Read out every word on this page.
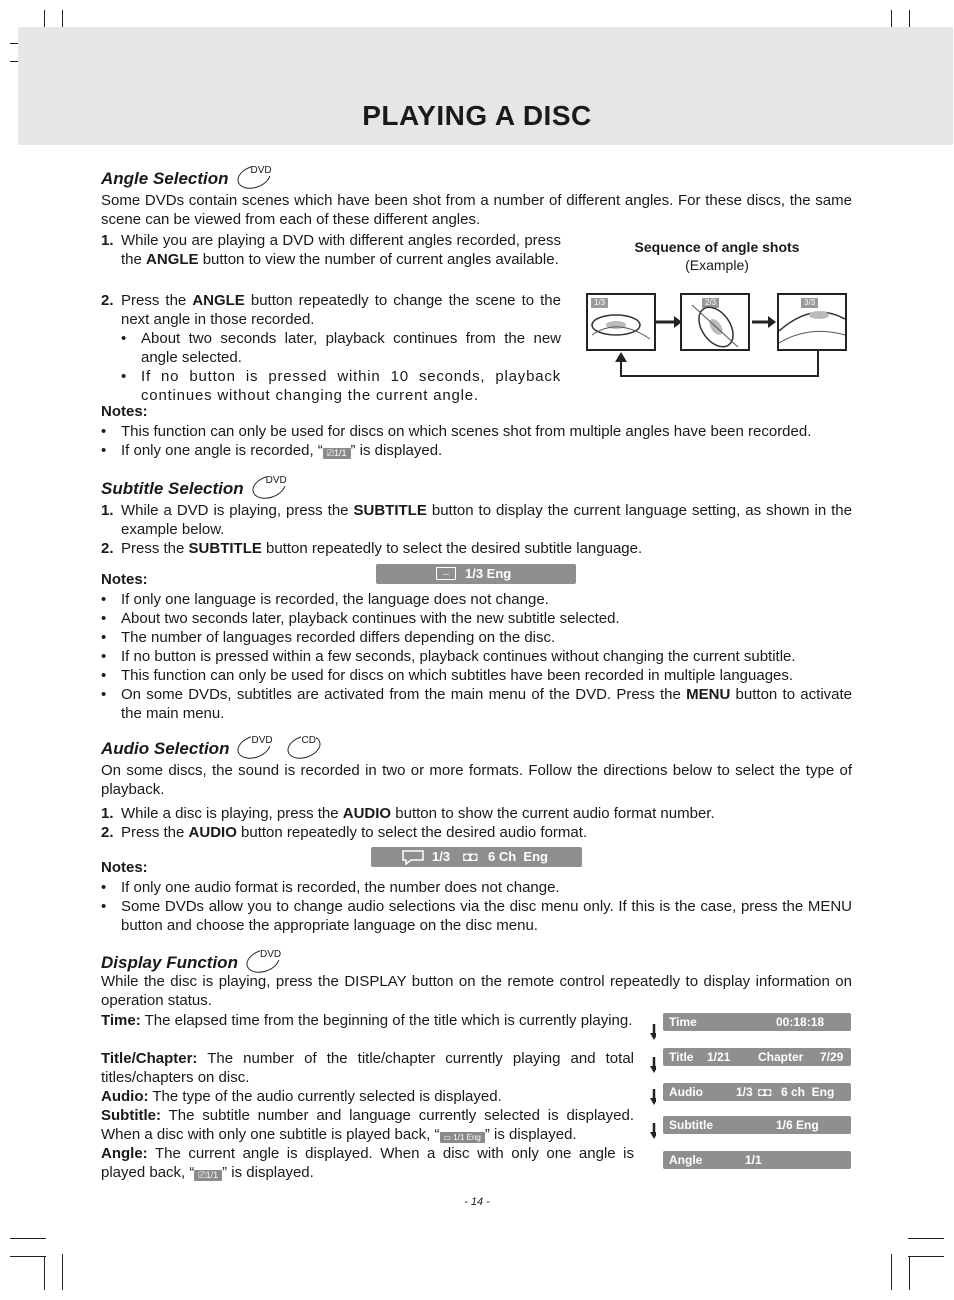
PLAYING A DISC
Angle Selection DVD
Some DVDs contain scenes which have been shot from a number of different angles. For these discs, the same scene can be viewed from each of these different angles.
1. While you are playing a DVD with different angles recorded, press the ANGLE button to view the number of current angles available.
2. Press the ANGLE button repeatedly to change the scene to the next angle in those recorded.
• About two seconds later, playback continues from the new angle selected.
• If no button is pressed within 10 seconds, playback continues without changing the current angle.
Sequence of angle shots
(Example)
1/3	2/3	3/3
Notes:
• This function can only be used for discs on which scenes shot from multiple angles have been recorded.
• If only one angle is recorded, “ ⎚1/1 ” is displayed.
Subtitle Selection DVD
1. While a DVD is playing, press the SUBTITLE button to display the current language setting, as shown in the example below.
2. Press the SUBTITLE button repeatedly to select the desired subtitle language.
...	1/3 Eng
Notes:
• If only one language is recorded, the language does not change.
• About two seconds later, playback continues with the new subtitle selected.
• The number of languages recorded differs depending on the disc.
• If no button is pressed within a few seconds, playback continues without changing the current subtitle.
• This function can only be used for discs on which subtitles have been recorded in multiple languages.
• On some DVDs, subtitles are activated from the main menu of the DVD. Press the MENU button to activate the main menu.
Audio Selection DVD	CD
On some discs, the sound is recorded in two or more formats. Follow the directions below to select the type of playback.
1. While a disc is playing, press the AUDIO button to show the current audio format number.
2. Press the AUDIO button repeatedly to select the desired audio format.
1/3 ◘◘ 6 Ch  Eng
Notes:
• If only one audio format is recorded, the number does not change.
• Some DVDs allow you to change audio selections via the disc menu only. If this is the case, press the MENU button and choose the appropriate language on the disc menu.
Display Function DVD
While the disc is playing, press the DISPLAY button on the remote control repeatedly to display information on operation status.
Time: The elapsed time from the beginning of the title which is currently playing.
Title/Chapter: The number of the title/chapter currently playing and total titles/chapters on disc.
Audio: The type of the audio currently selected is displayed.
Subtitle: The subtitle number and language currently selected is displayed. When a disc with only one subtitle is played back, “ ▭ 1/1 Eng ” is displayed.
Angle: The current angle is displayed. When a disc with only one angle is played back, “ ⎚1/1 ” is displayed.
Time	00:18:18
Title 1/21 Chapter 7/29
Audio	1/3 ◘◘ 6 ch  Eng
Subtitle	1/6 Eng
Angle	1/1
- 14 -
